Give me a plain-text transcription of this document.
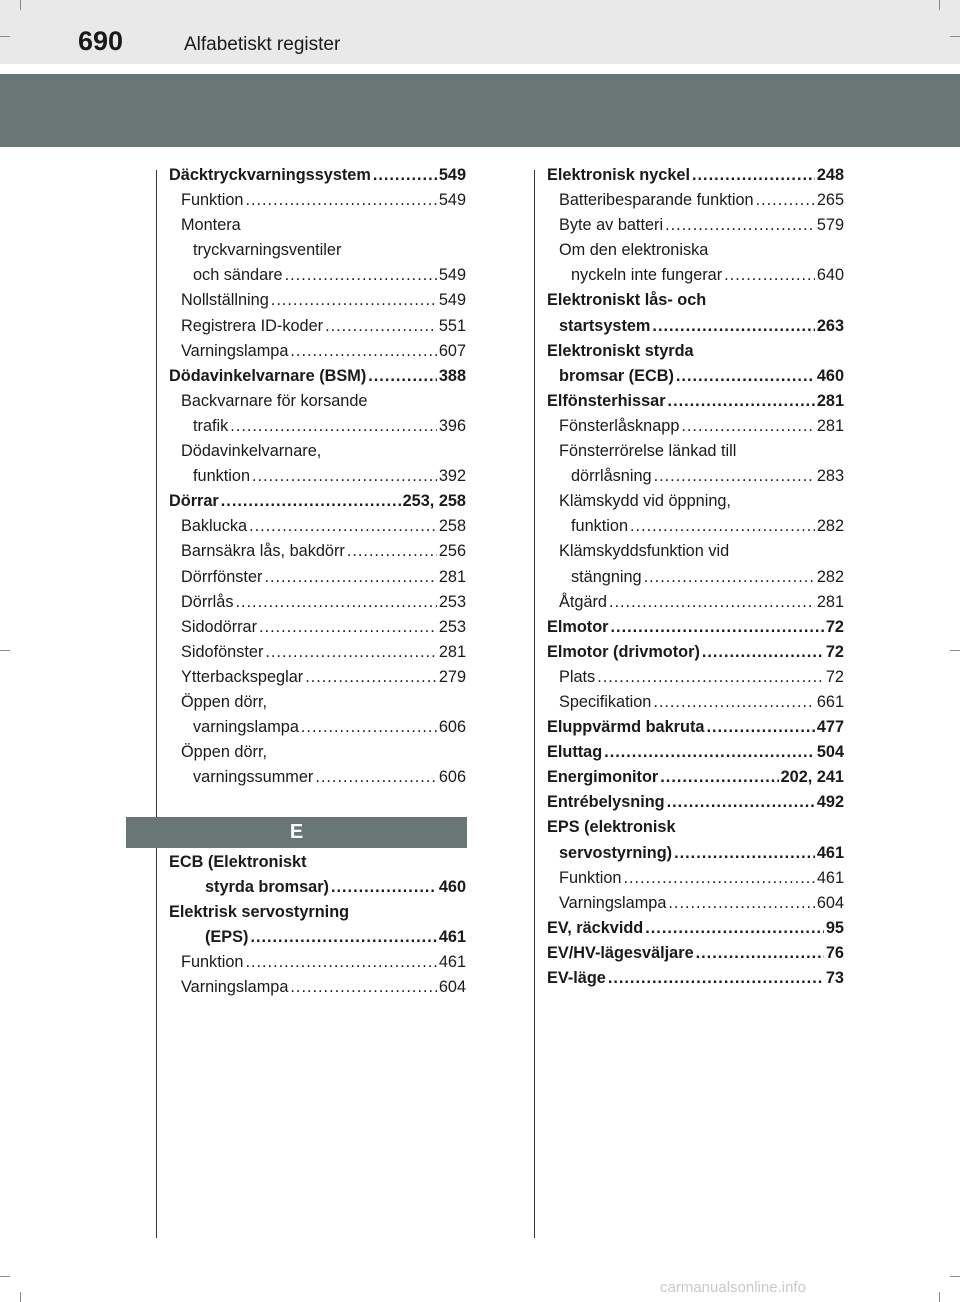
690	Alfabetiskt register
Däcktryckvarningssystem .....	549
Funktion .....	549
Montera
tryckvarningsventiler
och sändare .....	549
Nollställning .....	549
Registrera ID-koder .....	551
Varningslampa .....	607
Dödavinkelvarnare (BSM) .....	388
Backvarnare för korsande
trafik .....	396
Dödavinkelvarnare,
funktion .....	392
Dörrar .....	253, 258
Baklucka .....	258
Barnsäkra lås, bakdörr .....	256
Dörrfönster .....	281
Dörrlås .....	253
Sidodörrar .....	253
Sidofönster .....	281
Ytterbackspeglar .....	279
Öppen dörr,
varningslampa .....	606
Öppen dörr,
varningssummer .....	606
E
ECB (Elektroniskt
styrda bromsar) .....	460
Elektrisk servostyrning
(EPS) .....	461
Funktion .....	461
Varningslampa .....	604
Elektronisk nyckel .....	248
Batteribesparande funktion .....	265
Byte av batteri .....	579
Om den elektroniska
nyckeln inte fungerar .....	640
Elektroniskt lås- och
startsystem .....	263
Elektroniskt styrda
bromsar (ECB) .....	460
Elfönsterhissar .....	281
Fönsterlåsknapp .....	281
Fönsterrörelse länkad till
dörrlåsning .....	283
Klämskydd vid öppning,
funktion .....	282
Klämskyddsfunktion vid
stängning .....	282
Åtgärd .....	281
Elmotor .....	72
Elmotor (drivmotor) .....	72
Plats .....	72
Specifikation .....	661
Eluppvärmd bakruta .....	477
Eluttag .....	504
Energimonitor .....	202, 241
Entrébelysning .....	492
EPS (elektronisk
servostyrning) .....	461
Funktion .....	461
Varningslampa .....	604
EV, räckvidd .....	95
EV/HV-lägesväljare .....	76
EV-läge .....	73
carmanualsonline.info
